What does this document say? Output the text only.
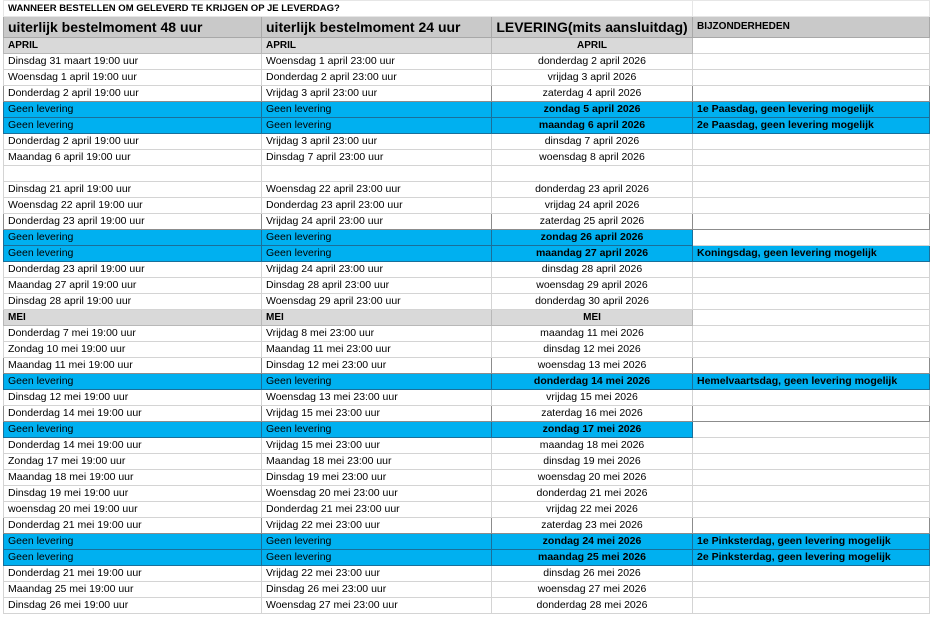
WANNEER BESTELLEN OM GELEVERD TE KRIJGEN OP JE LEVERDAG?			
uiterlijk bestelmoment 48 uur	uiterlijk bestelmoment 24 uur	LEVERING(mits aansluitdag)	BIJZONDERHEDEN
APRIL	APRIL	APRIL	
Dinsdag 31 maart 19:00 uur	Woensdag 1 april 23:00 uur	donderdag 2 april 2026	
Woensdag 1 april 19:00 uur	Donderdag 2 april 23:00 uur	vrijdag 3 april 2026	
Donderdag 2 april 19:00 uur	Vrijdag 3 april 23:00 uur	zaterdag 4 april 2026	
Geen levering	Geen levering	zondag 5 april 2026	1e Paasdag, geen levering mogelijk
Geen levering	Geen levering	maandag 6 april 2026	2e Paasdag, geen levering mogelijk
Donderdag 2 april 19:00 uur	Vrijdag 3 april 23:00 uur	dinsdag 7 april 2026	
Maandag 6 april 19:00 uur	Dinsdag 7 april 23:00 uur	woensdag 8 april 2026	

Dinsdag 21 april 19:00 uur	Woensdag 22 april 23:00 uur	donderdag 23 april 2026	
Woensdag 22 april 19:00 uur	Donderdag 23 april 23:00 uur	vrijdag 24 april 2026	
Donderdag 23 april 19:00 uur	Vrijdag 24 april 23:00 uur	zaterdag 25 april 2026	
Geen levering	Geen levering	zondag 26 april 2026	
Geen levering	Geen levering	maandag 27 april 2026	Koningsdag, geen levering mogelijk
Donderdag 23 april 19:00 uur	Vrijdag 24 april 23:00 uur	dinsdag 28 april 2026	
Maandag 27 april 19:00 uur	Dinsdag 28 april 23:00 uur	woensdag 29 april 2026	
Dinsdag 28 april 19:00 uur	Woensdag 29 april 23:00 uur	donderdag 30 april 2026	
MEI	MEI	MEI	
Donderdag 7 mei 19:00 uur	Vrijdag 8 mei 23:00 uur	maandag 11 mei 2026	
Zondag 10 mei 19:00 uur	Maandag 11 mei 23:00 uur	dinsdag 12 mei 2026	
Maandag 11 mei 19:00 uur	Dinsdag 12 mei 23:00 uur	woensdag 13 mei 2026	
Geen levering	Geen levering	donderdag 14 mei 2026	Hemelvaartsdag, geen levering mogelijk
Dinsdag 12 mei 19:00 uur	Woensdag 13 mei 23:00 uur	vrijdag 15 mei 2026	
Donderdag 14 mei 19:00 uur	Vrijdag 15 mei 23:00 uur	zaterdag 16 mei 2026	
Geen levering	Geen levering	zondag 17 mei 2026	
Donderdag 14 mei 19:00 uur	Vrijdag 15 mei 23:00 uur	maandag 18 mei 2026	
Zondag 17 mei 19:00 uur	Maandag 18 mei 23:00 uur	dinsdag 19 mei 2026	
Maandag 18 mei 19:00 uur	Dinsdag 19 mei 23:00 uur	woensdag 20 mei 2026	
Dinsdag 19 mei 19:00 uur	Woensdag 20 mei 23:00 uur	donderdag 21 mei 2026	
woensdag 20 mei 19:00 uur	Donderdag 21 mei 23:00 uur	vrijdag 22 mei 2026	
Donderdag 21 mei 19:00 uur	Vrijdag 22 mei 23:00 uur	zaterdag 23 mei 2026	
Geen levering	Geen levering	zondag 24 mei 2026	1e Pinksterdag, geen levering mogelijk
Geen levering	Geen levering	maandag 25 mei 2026	2e Pinksterdag, geen levering mogelijk
Donderdag 21 mei 19:00 uur	Vrijdag 22 mei 23:00 uur	dinsdag 26 mei 2026	
Maandag 25 mei 19:00 uur	Dinsdag 26 mei 23:00 uur	woensdag 27 mei 2026	
Dinsdag 26 mei 19:00 uur	Woensdag 27 mei 23:00 uur	donderdag 28 mei 2026	
